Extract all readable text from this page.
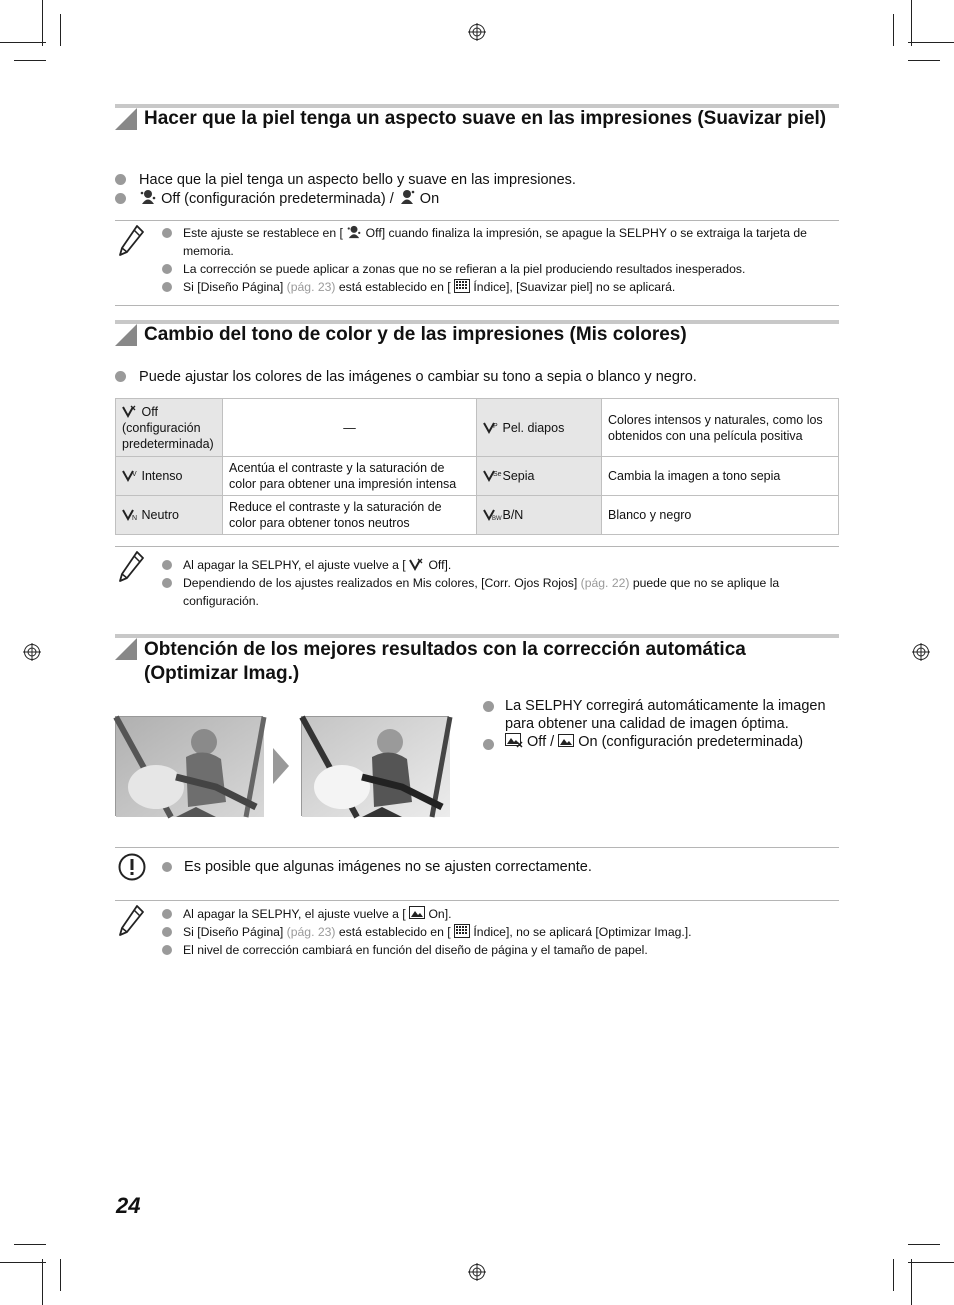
Hacer que la piel tenga un aspecto suave en las impresiones (Suavizar piel)
Hace que la piel tenga un aspecto bello y suave en las impresiones.
Off (configuración predeterminada) / On
Este ajuste se restablece en [ Off] cuando finaliza la impresión, se apague la SELPHY o se extraiga la tarjeta de memoria.
La corrección se puede aplicar a zonas que no se refieran a la piel produciendo resultados inesperados.
Si [Diseño Página] (pág. 23) está establecido en [ Índice], [Suavizar piel] no se aplicará.
Cambio del tono de color y de las impresiones (Mis colores)
Puede ajustar los colores de las imágenes o cambiar su tono a sepia o blanco y negro.
Off (configuración predeterminada)	—	P Pel. diapos	Colores intensos y naturales, como los obtenidos con una película positiva

V Intenso	Acentúa el contraste y la saturación de color para obtener una impresión intensa	Se Sepia	Cambia la imagen a tono sepia

N Neutro	Reduce el contraste y la saturación de color para obtener tonos neutros	BW B/N	Blanco y negro
Al apagar la SELPHY, el ajuste vuelve a [ Off].
Dependiendo de los ajustes realizados en Mis colores, [Corr. Ojos Rojos] (pág. 22) puede que no se aplique la configuración.
Obtención de los mejores resultados con la corrección automática (Optimizar Imag.)
La SELPHY corregirá automáticamente la imagen para obtener una calidad de imagen óptima.
Off / On (configuración predeterminada)
Es posible que algunas imágenes no se ajusten correctamente.
Al apagar la SELPHY, el ajuste vuelve a [ On].
Si [Diseño Página] (pág. 23) está establecido en [ Índice], no se aplicará [Optimizar Imag.].
El nivel de corrección cambiará en función del diseño de página y el tamaño de papel.
24
